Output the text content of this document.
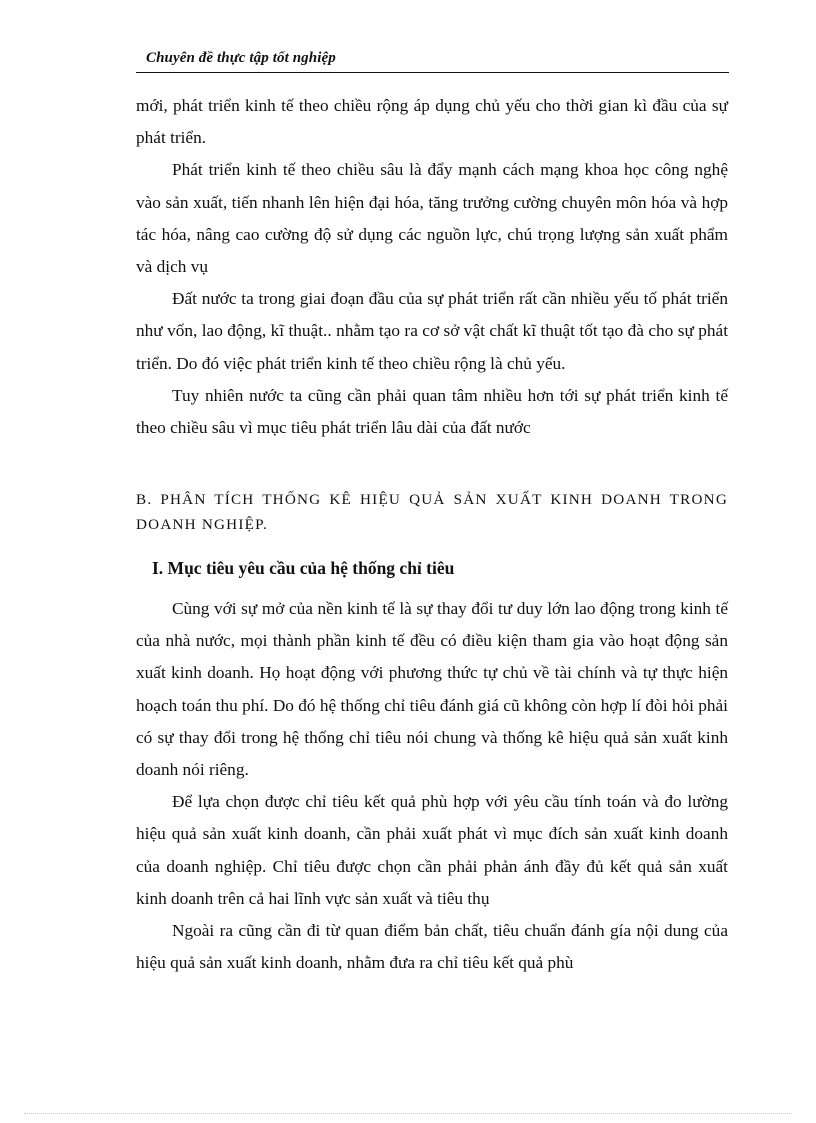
Chuyên đề thực tập tốt nghiệp

mới, phát triển kinh tế theo chiều rộng áp dụng chủ yếu cho thời gian kì đầu của sự phát triển.

Phát triển kinh tế theo chiều sâu là đẩy mạnh cách mạng khoa học công nghệ vào sản xuất, tiến nhanh lên hiện đại hóa, tăng trưởng cường chuyên môn hóa và hợp tác hóa, nâng cao cường độ sử dụng các nguồn lực, chú trọng lượng sản xuất phẩm và dịch vụ

Đất nước ta trong giai đoạn đầu của sự phát triển rất cần nhiều yếu tố phát triển như vốn, lao động, kĩ thuật.. nhằm tạo ra cơ sở vật chất kĩ thuật tốt tạo đà cho sự phát triển. Do đó việc phát triển kinh tế theo chiều rộng là chủ yếu.

Tuy nhiên nước ta cũng cần phải quan tâm nhiều hơn tới sự phát triển kinh tế theo chiều sâu vì mục tiêu phát triển lâu dài của đất nước

B. PHÂN TÍCH THỐNG KÊ HIỆU QUẢ SẢN XUẤT KINH DOANH TRONG DOANH NGHIỆP.
I. Mục tiêu yêu cầu của hệ thống chỉ tiêu

Cùng với sự mở của nền kinh tế là sự thay đổi tư duy lớn lao động trong kinh tế của nhà nước, mọi thành phần kinh tế đều có điều kiện tham gia vào hoạt động sản xuất kinh doanh. Họ hoạt động với phương thức tự chủ về tài chính và tự thực hiện hoạch toán thu phí. Do đó hệ thống chỉ tiêu đánh giá cũ không còn hợp lí đòi hỏi phải có sự thay đổi trong hệ thống chỉ tiêu nói chung và thống kê hiệu quả sản xuất kinh doanh nói riêng.

Để lựa chọn được chỉ tiêu kết quả phù hợp với yêu cầu tính toán và đo lường hiệu quả sản xuất kinh doanh, cần phải xuất phát vì mục đích sản xuất kinh doanh của doanh nghiệp. Chỉ tiêu được chọn cần phải phản ánh đầy đủ kết quả sản xuất kinh doanh trên cả hai lĩnh vực sản xuất và tiêu thụ

Ngoài ra cũng cần đi từ quan điểm bản chất, tiêu chuẩn đánh gía nội dung của hiệu quả sản xuất kinh doanh, nhằm đưa ra chỉ tiêu kết quả phù
